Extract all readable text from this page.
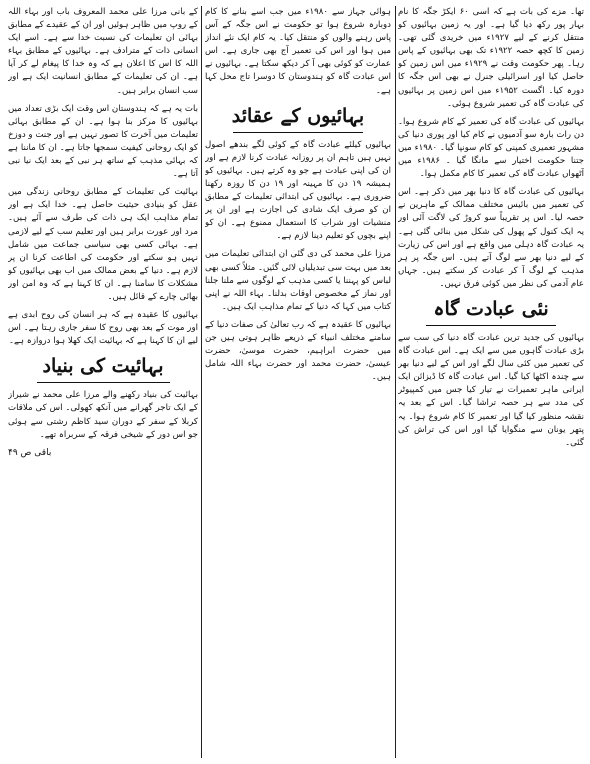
تھا۔ مزے کی بات ہے کہ اسی ۶۰ ایکڑ جگہ کا نام بہار پور رکھ دیا گیا ہے۔ اور یہ زمین بہائیوں کو منتقل کرنے کے لیے ۱۹۲۷ء میں خریدی گئی تھی۔ زمین کا کچھ حصہ ۱۹۲۲ء تک بھی بہائیوں کے پاس رہا۔ پھر حکومت وقت نے ۱۹۲۹ء میں اس زمین کو حاصل کیا اور اسرائیلی جنرل نے بھی اس جگہ کا دورہ کیا۔ اگست ۱۹۵۲ء میں اس زمین پر بہائیوں کی عبادت گاہ کی تعمیر شروع ہوئی۔

بہائیوں کی عبادت گاہ کی تعمیر کے کام شروع ہوا۔ دن رات بارہ سو آدمیوں نے کام کیا اور پوری دنیا کی مشہور تعمیری کمپنی کو کام سونپا گیا۔ ۱۹۸۰ء میں جتنا حکومت اختیار سے مانگا گیا ۔ ۱۹۸۶ء میں آٹھواں عبادت گاہ کی تعمیر کا کام مکمل ہوا۔

بہائیوں کی عبادت گاہ کا دنیا بھر میں ذکر ہے۔ اس کی تعمیر میں بائیس مختلف ممالک کے ماہرین نے حصہ لیا۔ اس پر تقریباً سو کروڑ کی لاگت آئی اور یہ ایک کنول کے پھول کی شکل میں بنائی گئی ہے۔ یہ عبادت گاہ دہلی میں واقع ہے اور اس کی زیارت کے لیے دنیا بھر سے لوگ آتے ہیں۔ اس جگہ پر ہر مذہب کے لوگ آ کر عبادت کر سکتے ہیں۔ جہاں عام آدمی کی نظر میں کوئی فرق نہیں۔

نئی عبادت گاہ

بہائیوں کی جدید ترین عبادت گاہ دنیا کی سب سے بڑی عبادت گاہوں میں سے ایک ہے۔ اس عبادت گاہ کی تعمیر میں کئی سال لگے اور اس کے لیے دنیا بھر سے چندہ اکٹھا کیا گیا۔ اس عبادت گاہ کا ڈیزائن ایک ایرانی ماہر تعمیرات نے تیار کیا جس میں کمپیوٹر کی مدد سے ہر حصہ تراشا گیا۔ اس کے بعد یہ نقشہ منظور کیا گیا اور تعمیر کا کام شروع ہوا۔ یہ پتھر یونان سے منگوایا گیا اور اس کی تراش کی گئی۔

ہوائی جہاز سے ۱۹۸۰ء میں جب اسے بنانے کا کام دوبارہ شروع ہوا تو حکومت نے اس جگہ کے آس پاس رہنے والوں کو منتقل کیا۔ یہ کام ایک نئے انداز میں ہوا اور اس کی تعمیر آج بھی جاری ہے۔ اس عمارت کو کوئی بھی آ کر دیکھ سکتا ہے۔ بہائیوں نے اس عبادت گاہ کو ہندوستان کا دوسرا تاج محل کہا ہے۔

بہائیوں کے عقائد

بہائیوں کیلئے عبادت گاہ کے کوئی لگے بندھے اصول نہیں ہیں تاہم ان پر روزانہ عبادت کرنا لازم ہے اور ان کی اپنی عبادت ہے جو وہ کرتے ہیں۔ بہائیوں کو ہمیشہ ۱۹ دن کا مہینہ اور ۱۹ دن کا روزہ رکھنا ضروری ہے۔ بہائیوں کی ابتدائی تعلیمات کے مطابق ان کو صرف ایک شادی کی اجازت ہے اور ان پر منشیات اور شراب کا استعمال ممنوع ہے۔ ان کو اپنے بچوں کو تعلیم دینا لازم ہے۔

مرزا علی محمد کی دی گئی ان ابتدائی تعلیمات میں بعد میں بہت سی تبدیلیاں لائی گئیں۔ مثلاً کسی بھی لباس کو پہننا یا کسی مذہب کے لوگوں سے ملنا جلنا اور نماز کے مخصوص اوقات بدلنا۔ بہاء اللہ نے اپنی کتاب میں کہا کہ دنیا کے تمام مذاہب ایک ہیں۔

بہائیوں کا عقیدہ ہے کہ رب تعالیٰ کی صفات دنیا کے سامنے مختلف انبیاء کے ذریعے ظاہر ہوتی ہیں جن میں حضرت ابراہیم، حضرت موسیٰ، حضرت عیسیٰ، حضرت محمد اور حضرت بہاء اللہ شامل ہیں۔

کے بانی مرزا علی محمد المعروف باب اور بہاء اللہ کے روپ میں ظاہر ہوئیں اور ان کے عقیدے کے مطابق بہائی ان تعلیمات کی نسبت خدا سے ہے۔ اسے ایک انسانی ذات کے مترادف ہے۔ بہائیوں کے مطابق بہاء اللہ کا اس کا اعلان ہے کہ وہ خدا کا پیغام لے کر آیا ہے۔ ان کی تعلیمات کے مطابق انسانیت ایک ہے اور سب انسان برابر ہیں۔

بات یہ ہے کہ ہندوستان اس وقت ایک بڑی تعداد میں بہائیوں کا مرکز بنا ہوا ہے۔ ان کے مطابق بہائی تعلیمات میں آخرت کا تصور نہیں ہے اور جنت و دوزخ کو ایک روحانی کیفیت سمجھا جاتا ہے۔ ان کا ماننا ہے کہ بہائی مذہب کے ساتھ ہر نبی کے بعد ایک نیا نبی آتا ہے۔

بہائیت کی تعلیمات کے مطابق روحانی زندگی میں عقل کو بنیادی حیثیت حاصل ہے۔ خدا ایک ہے اور تمام مذاہب ایک ہی ذات کی طرف سے آئے ہیں۔ مرد اور عورت برابر ہیں اور تعلیم سب کے لیے لازمی ہے۔ بہائی کسی بھی سیاسی جماعت میں شامل نہیں ہو سکتے اور حکومت کی اطاعت کرنا ان پر لازم ہے۔ دنیا کے بعض ممالک میں اب بھی بہائیوں کو مشکلات کا سامنا ہے۔ ان کا کہنا ہے کہ وہ امن اور بھائی چارے کے قائل ہیں۔

بہائیوں کا عقیدہ ہے کہ ہر انسان کی روح ابدی ہے اور موت کے بعد بھی روح کا سفر جاری رہتا ہے۔ اس لیے ان کا کہنا ہے کہ بہائیت ایک کھلا ہوا دروازہ ہے۔

بہائیت کی بنیاد

بہائیت کی بنیاد رکھنے والے مرزا علی محمد نے شیراز کے ایک تاجر گھرانے میں آنکھ کھولی۔ اس کی ملاقات کربلا کے سفر کے دوران سید کاظم رشتی سے ہوئی جو اس دور کے شیخی فرقہ کے سربراہ تھے۔

باقی ص ۴۹
